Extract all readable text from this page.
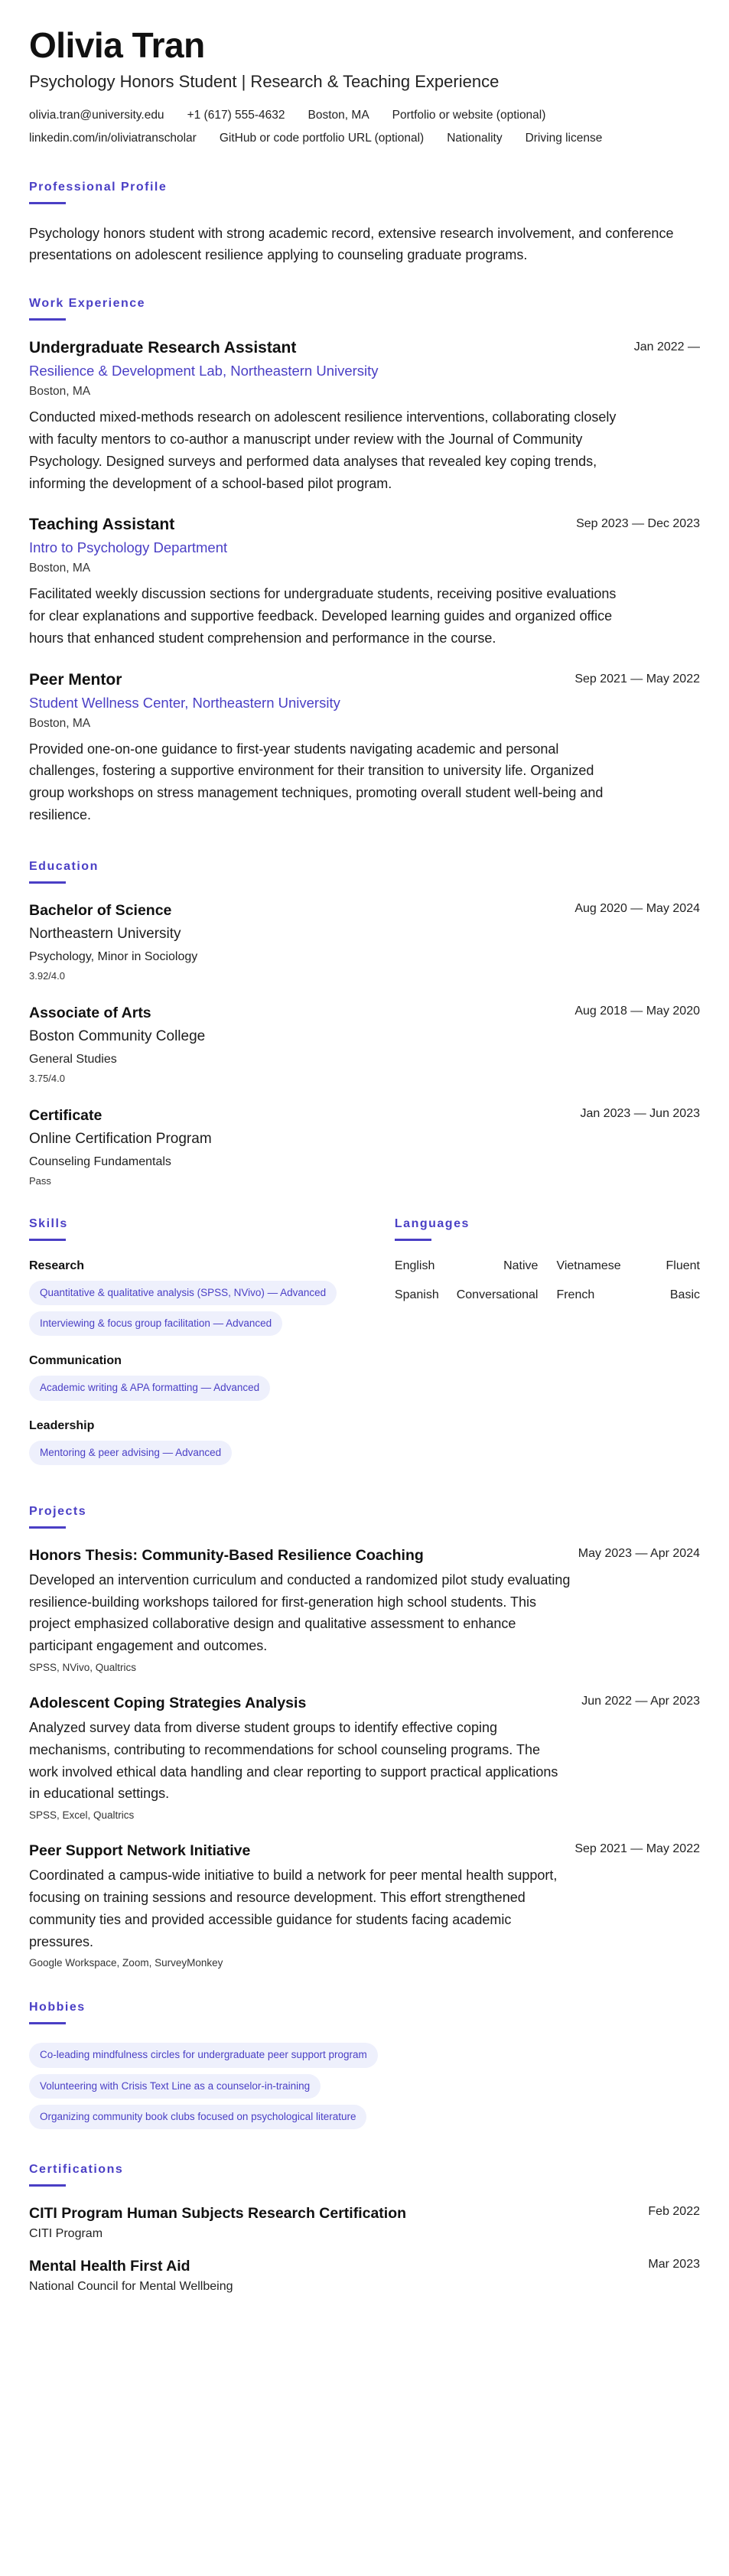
Olivia Tran
Psychology Honors Student | Research & Teaching Experience
olivia.tran@university.edu +1 (617) 555-4632 Boston, MA Portfolio or website (optional)
linkedin.com/in/oliviatranscholar GitHub or code portfolio URL (optional) Nationality Driving license
Professional Profile
Psychology honors student with strong academic record, extensive research involvement, and conference presentations on adolescent resilience applying to counseling graduate programs.
Work Experience
Undergraduate Research Assistant	Jan 2022 —
Resilience & Development Lab, Northeastern University
Boston, MA
Conducted mixed-methods research on adolescent resilience interventions, collaborating closely with faculty mentors to co-author a manuscript under review with the Journal of Community Psychology. Designed surveys and performed data analyses that revealed key coping trends, informing the development of a school-based pilot program.
Teaching Assistant	Sep 2023 — Dec 2023
Intro to Psychology Department
Boston, MA
Facilitated weekly discussion sections for undergraduate students, receiving positive evaluations for clear explanations and supportive feedback. Developed learning guides and organized office hours that enhanced student comprehension and performance in the course.
Peer Mentor	Sep 2021 — May 2022
Student Wellness Center, Northeastern University
Boston, MA
Provided one-on-one guidance to first-year students navigating academic and personal challenges, fostering a supportive environment for their transition to university life. Organized group workshops on stress management techniques, promoting overall student well-being and resilience.
Education
Bachelor of Science	Aug 2020 — May 2024
Northeastern University
Psychology, Minor in Sociology
3.92/4.0
Associate of Arts	Aug 2018 — May 2020
Boston Community College
General Studies
3.75/4.0
Certificate	Jan 2023 — Jun 2023
Online Certification Program
Counseling Fundamentals
Pass
Skills
Research
Quantitative & qualitative analysis (SPSS, NVivo) — Advanced
Interviewing & focus group facilitation — Advanced
Communication
Academic writing & APA formatting — Advanced
Leadership
Mentoring & peer advising — Advanced
Languages
English	Native Vietnamese	Fluent
Spanish Conversational French	Basic
Projects
Honors Thesis: Community-Based Resilience Coaching	May 2023 — Apr 2024
Developed an intervention curriculum and conducted a randomized pilot study evaluating resilience-building workshops tailored for first-generation high school students. This project emphasized collaborative design and qualitative assessment to enhance participant engagement and outcomes.
SPSS, NVivo, Qualtrics
Adolescent Coping Strategies Analysis	Jun 2022 — Apr 2023
Analyzed survey data from diverse student groups to identify effective coping mechanisms, contributing to recommendations for school counseling programs. The work involved ethical data handling and clear reporting to support practical applications in educational settings.
SPSS, Excel, Qualtrics
Peer Support Network Initiative	Sep 2021 — May 2022
Coordinated a campus-wide initiative to build a network for peer mental health support, focusing on training sessions and resource development. This effort strengthened community ties and provided accessible guidance for students facing academic pressures.
Google Workspace, Zoom, SurveyMonkey
Hobbies
Co-leading mindfulness circles for undergraduate peer support program
Volunteering with Crisis Text Line as a counselor-in-training
Organizing community book clubs focused on psychological literature
Certifications
CITI Program Human Subjects Research Certification	Feb 2022
CITI Program
Mental Health First Aid	Mar 2023
National Council for Mental Wellbeing
